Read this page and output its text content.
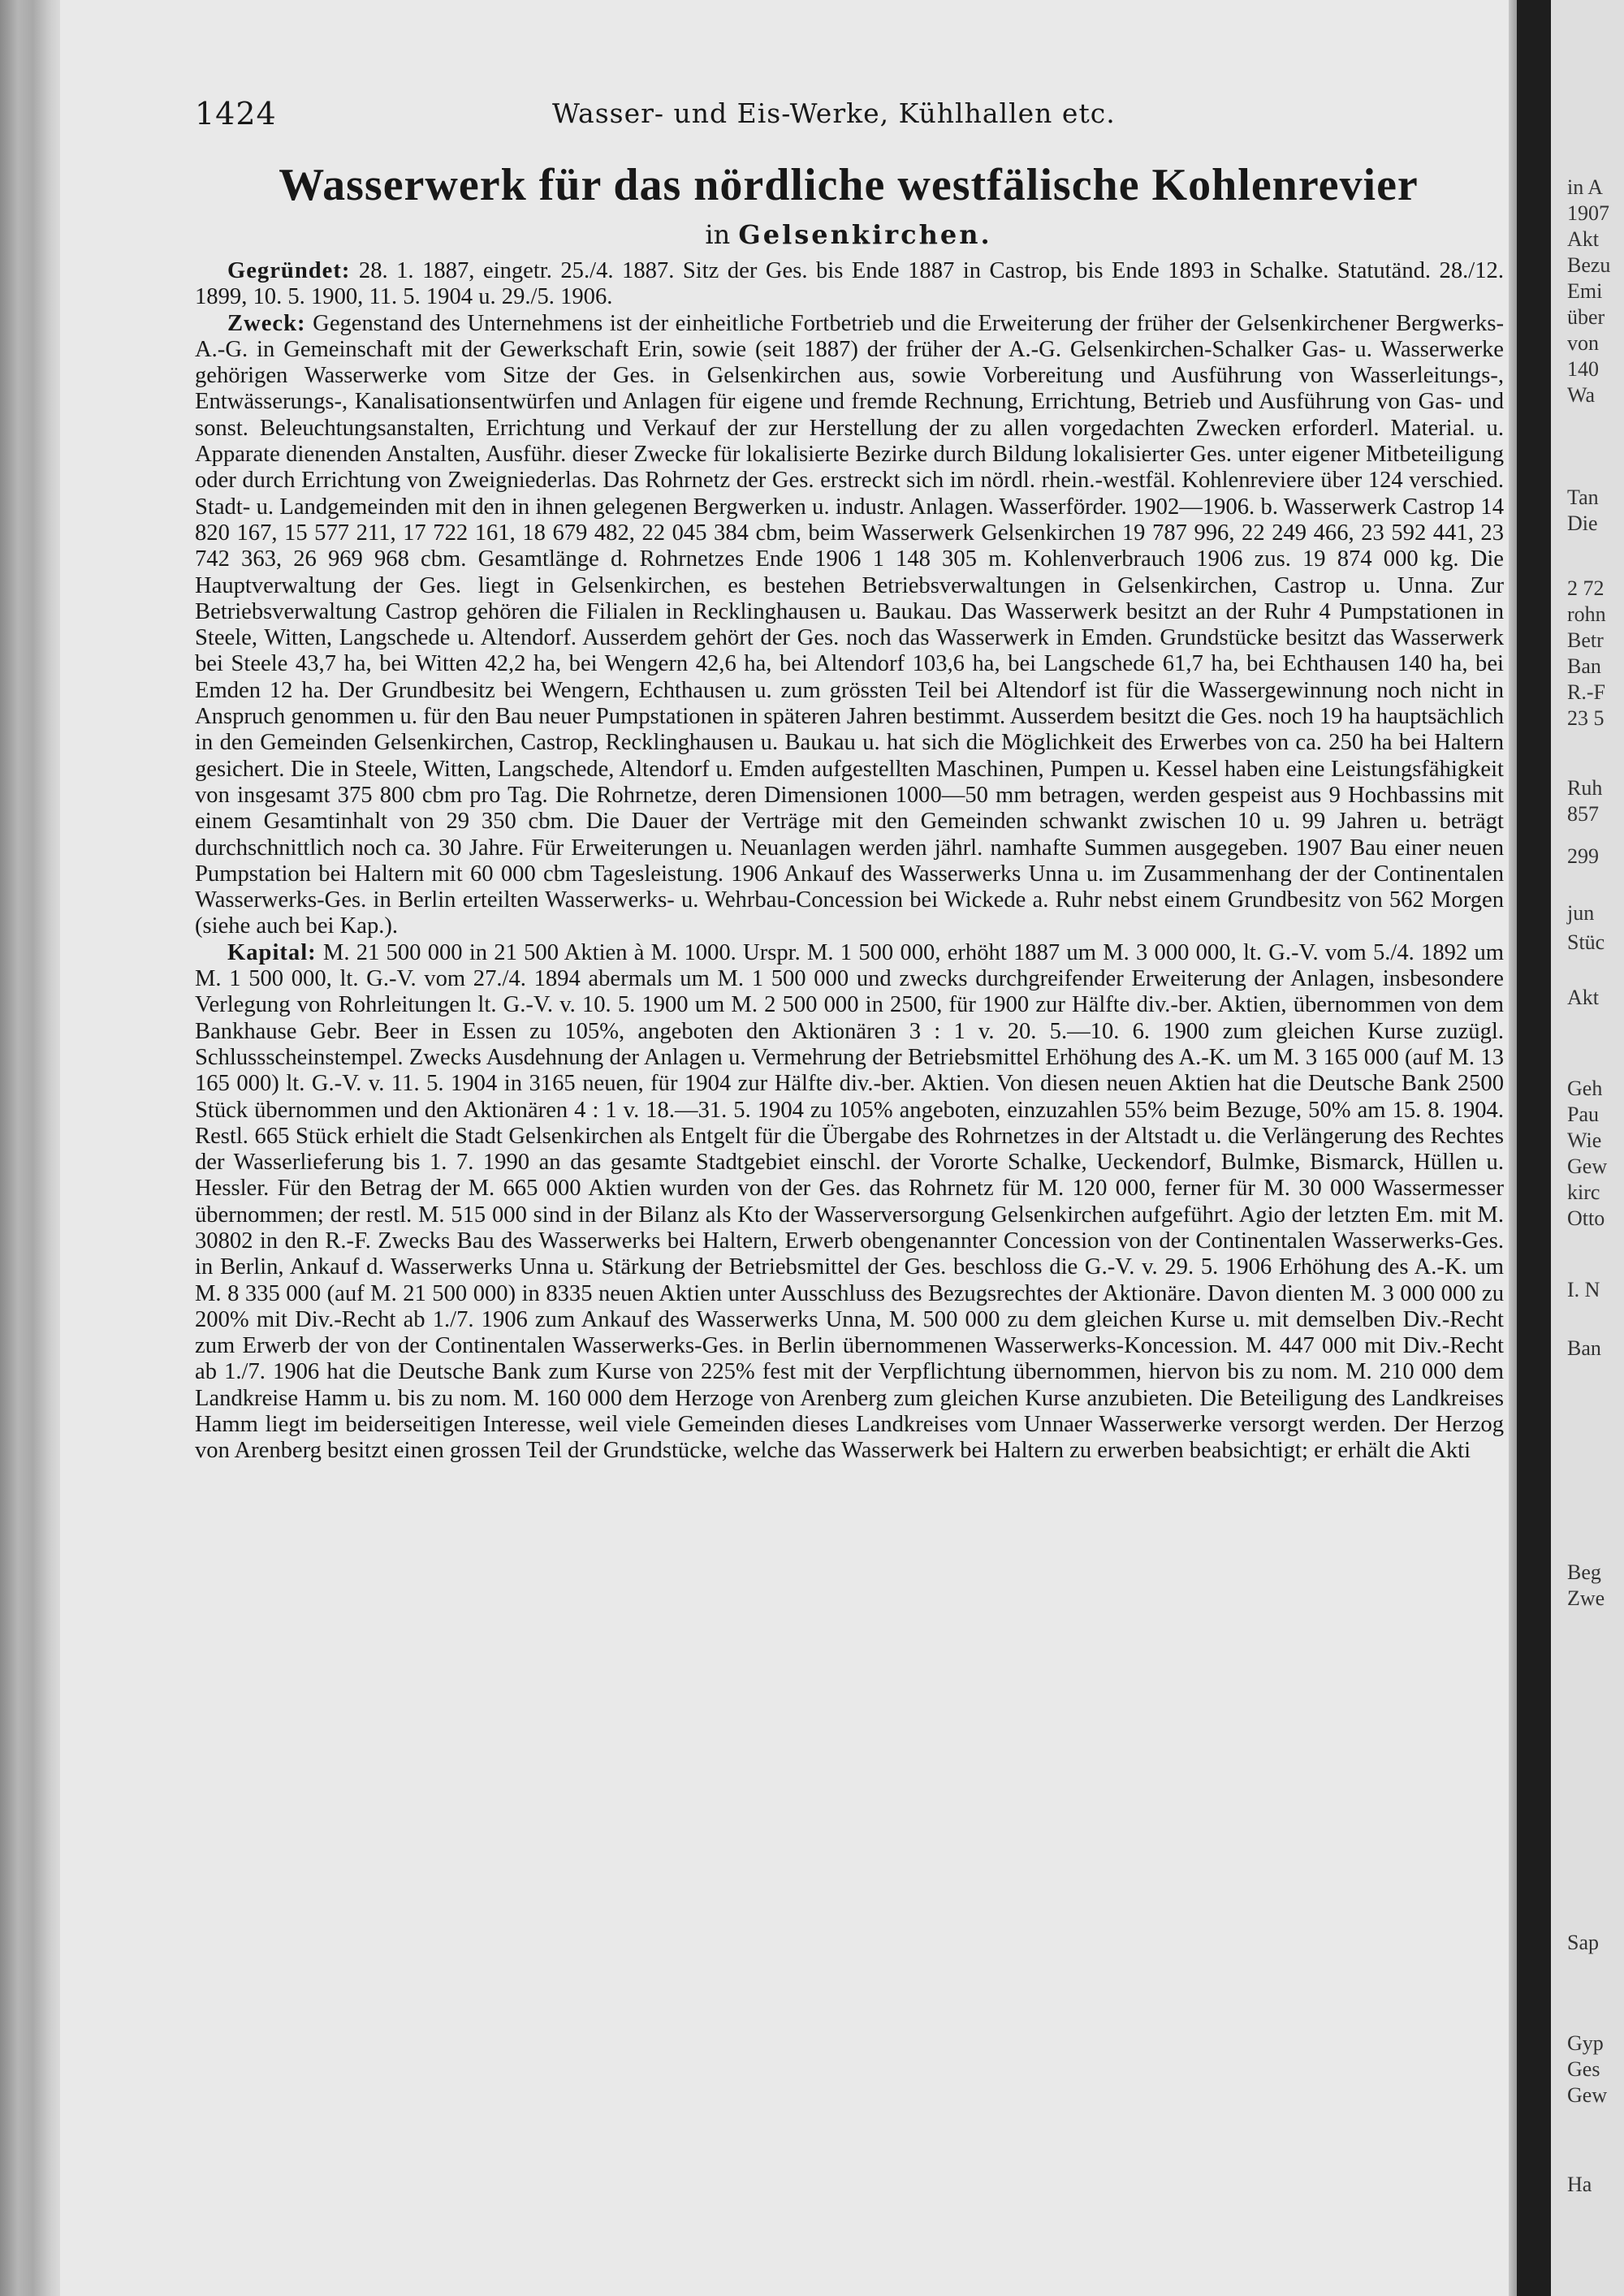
in A
1907
Akt
Bezu
Emi
über
von
140
Wa
Tan
Die
2 72
rohn
Betr
Ban
R.-F
23 5
Ruh
857
299
jun
Stüc
Akt
Geh
Pau
Wie
Gew
kirc
Otto
I. N
Ban
Beg
Zwe
Sap
Gyp
Ges
Gew
Ha
1424	Wasser- und Eis-Werke, Kühlhallen etc.
Wasserwerk für das nördliche westfälische Kohlenrevier
in Gelsenkirchen.

Gegründet: 28. 1. 1887, eingetr. 25./4. 1887. Sitz der Ges. bis Ende 1887 in Castrop, bis Ende 1893 in Schalke. Statutänd. 28./12. 1899, 10. 5. 1900, 11. 5. 1904 u. 29./5. 1906.

Zweck: Gegenstand des Unternehmens ist der einheitliche Fortbetrieb und die Erweiterung der früher der Gelsenkirchener Bergwerks-A.-G. in Gemeinschaft mit der Gewerkschaft Erin, sowie (seit 1887) der früher der A.-G. Gelsenkirchen-Schalker Gas- u. Wasserwerke gehörigen Wasserwerke vom Sitze der Ges. in Gelsenkirchen aus, sowie Vorbereitung und Ausführung von Wasserleitungs-, Entwässerungs-, Kanalisationsentwürfen und Anlagen für eigene und fremde Rechnung, Errichtung, Betrieb und Ausführung von Gas- und sonst. Beleuchtungsanstalten, Errichtung und Verkauf der zur Herstellung der zu allen vorgedachten Zwecken erforderl. Material. u. Apparate dienenden Anstalten, Ausführ. dieser Zwecke für lokalisierte Bezirke durch Bildung lokalisierter Ges. unter eigener Mitbeteiligung oder durch Errichtung von Zweigniederlas. Das Rohrnetz der Ges. erstreckt sich im nördl. rhein.-westfäl. Kohlenreviere über 124 verschied. Stadt- u. Landgemeinden mit den in ihnen gelegenen Bergwerken u. industr. Anlagen. Wasserförder. 1902—1906. b. Wasserwerk Castrop 14 820 167, 15 577 211, 17 722 161, 18 679 482, 22 045 384 cbm, beim Wasserwerk Gelsenkirchen 19 787 996, 22 249 466, 23 592 441, 23 742 363, 26 969 968 cbm. Gesamtlänge d. Rohrnetzes Ende 1906 1 148 305 m. Kohlenverbrauch 1906 zus. 19 874 000 kg. Die Hauptverwaltung der Ges. liegt in Gelsenkirchen, es bestehen Betriebsverwaltungen in Gelsenkirchen, Castrop u. Unna. Zur Betriebsverwaltung Castrop gehören die Filialen in Recklinghausen u. Baukau. Das Wasserwerk besitzt an der Ruhr 4 Pumpstationen in Steele, Witten, Langschede u. Altendorf. Ausserdem gehört der Ges. noch das Wasserwerk in Emden. Grundstücke besitzt das Wasserwerk bei Steele 43,7 ha, bei Witten 42,2 ha, bei Wengern 42,6 ha, bei Altendorf 103,6 ha, bei Langschede 61,7 ha, bei Echthausen 140 ha, bei Emden 12 ha. Der Grundbesitz bei Wengern, Echthausen u. zum grössten Teil bei Altendorf ist für die Wassergewinnung noch nicht in Anspruch genommen u. für den Bau neuer Pumpstationen in späteren Jahren bestimmt. Ausserdem besitzt die Ges. noch 19 ha hauptsächlich in den Gemeinden Gelsenkirchen, Castrop, Recklinghausen u. Baukau u. hat sich die Möglichkeit des Erwerbes von ca. 250 ha bei Haltern gesichert. Die in Steele, Witten, Langschede, Altendorf u. Emden aufgestellten Maschinen, Pumpen u. Kessel haben eine Leistungsfähigkeit von insgesamt 375 800 cbm pro Tag. Die Rohrnetze, deren Dimensionen 1000—50 mm betragen, werden gespeist aus 9 Hochbassins mit einem Gesamtinhalt von 29 350 cbm. Die Dauer der Verträge mit den Gemeinden schwankt zwischen 10 u. 99 Jahren u. beträgt durchschnittlich noch ca. 30 Jahre. Für Erweiterungen u. Neuanlagen werden jährl. namhafte Summen ausgegeben. 1907 Bau einer neuen Pumpstation bei Haltern mit 60 000 cbm Tagesleistung. 1906 Ankauf des Wasserwerks Unna u. im Zusammenhang der der Continentalen Wasserwerks-Ges. in Berlin erteilten Wasserwerks- u. Wehrbau-Concession bei Wickede a. Ruhr nebst einem Grundbesitz von 562 Morgen (siehe auch bei Kap.).

Kapital: M. 21 500 000 in 21 500 Aktien à M. 1000. Urspr. M. 1 500 000, erhöht 1887 um M. 3 000 000, lt. G.-V. vom 5./4. 1892 um M. 1 500 000, lt. G.-V. vom 27./4. 1894 abermals um M. 1 500 000 und zwecks durchgreifender Erweiterung der Anlagen, insbesondere Verlegung von Rohrleitungen lt. G.-V. v. 10. 5. 1900 um M. 2 500 000 in 2500, für 1900 zur Hälfte div.-ber. Aktien, übernommen von dem Bankhause Gebr. Beer in Essen zu 105%, angeboten den Aktionären 3 : 1 v. 20. 5.—10. 6. 1900 zum gleichen Kurse zuzügl. Schlussscheinstempel. Zwecks Ausdehnung der Anlagen u. Vermehrung der Betriebsmittel Erhöhung des A.-K. um M. 3 165 000 (auf M. 13 165 000) lt. G.-V. v. 11. 5. 1904 in 3165 neuen, für 1904 zur Hälfte div.-ber. Aktien. Von diesen neuen Aktien hat die Deutsche Bank 2500 Stück übernommen und den Aktionären 4 : 1 v. 18.—31. 5. 1904 zu 105% angeboten, einzuzahlen 55% beim Bezuge, 50% am 15. 8. 1904. Restl. 665 Stück erhielt die Stadt Gelsenkirchen als Entgelt für die Übergabe des Rohrnetzes in der Altstadt u. die Verlängerung des Rechtes der Wasserlieferung bis 1. 7. 1990 an das gesamte Stadtgebiet einschl. der Vororte Schalke, Ueckendorf, Bulmke, Bismarck, Hüllen u. Hessler. Für den Betrag der M. 665 000 Aktien wurden von der Ges. das Rohrnetz für M. 120 000, ferner für M. 30 000 Wassermesser übernommen; der restl. M. 515 000 sind in der Bilanz als Kto der Wasserversorgung Gelsenkirchen aufgeführt. Agio der letzten Em. mit M. 30802 in den R.-F. Zwecks Bau des Wasserwerks bei Haltern, Erwerb obengenannter Concession von der Continentalen Wasserwerks-Ges. in Berlin, Ankauf d. Wasserwerks Unna u. Stärkung der Betriebsmittel der Ges. beschloss die G.-V. v. 29. 5. 1906 Erhöhung des A.-K. um M. 8 335 000 (auf M. 21 500 000) in 8335 neuen Aktien unter Ausschluss des Bezugsrechtes der Aktionäre. Davon dienten M. 3 000 000 zu 200% mit Div.-Recht ab 1./7. 1906 zum Ankauf des Wasserwerks Unna, M. 500 000 zu dem gleichen Kurse u. mit demselben Div.-Recht zum Erwerb der von der Continentalen Wasserwerks-Ges. in Berlin übernommenen Wasserwerks-Koncession. M. 447 000 mit Div.-Recht ab 1./7. 1906 hat die Deutsche Bank zum Kurse von 225% fest mit der Verpflichtung übernommen, hiervon bis zu nom. M. 210 000 dem Landkreise Hamm u. bis zu nom. M. 160 000 dem Herzoge von Arenberg zum gleichen Kurse anzubieten. Die Beteiligung des Landkreises Hamm liegt im beiderseitigen Interesse, weil viele Gemeinden dieses Landkreises vom Unnaer Wasserwerke versorgt werden. Der Herzog von Arenberg besitzt einen grossen Teil der Grundstücke, welche das Wasserwerk bei Haltern zu erwerben beabsichtigt; er erhält die Akti
